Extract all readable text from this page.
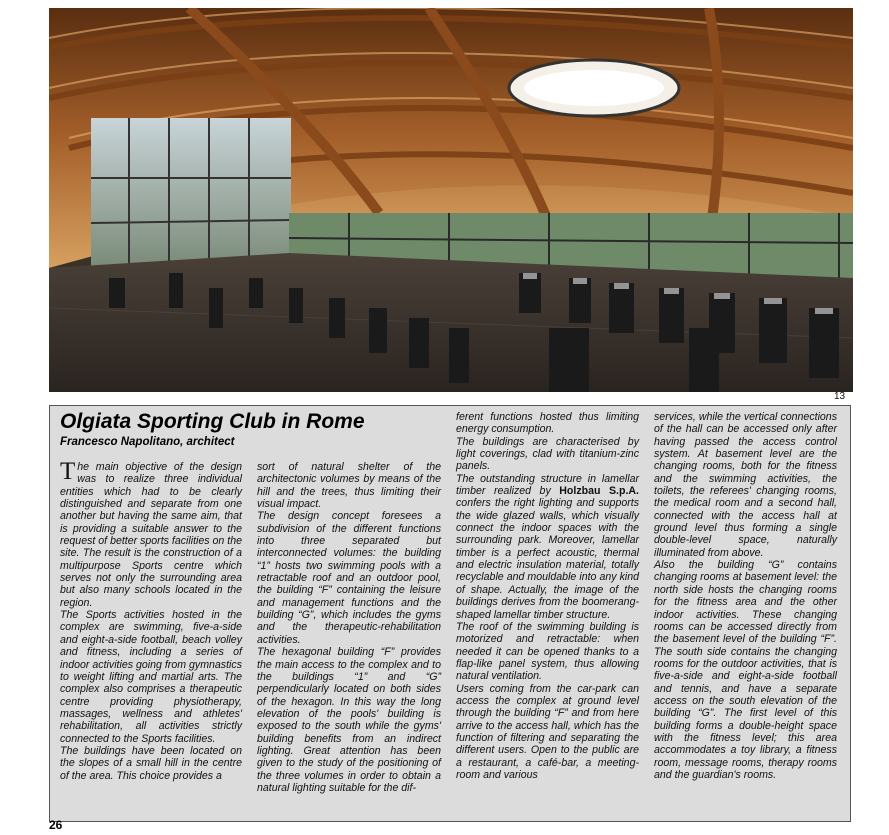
13
Olgiata Sporting Club in Rome
Francesco Napolitano, architect

The main objective of the design was to realize three individual entities which had to be clearly distinguished and separate from one another but having the same aim, that is providing a suitable answer to the request of better sports facilities on the site. The result is the construction of a multipurpose Sports centre which serves not only the surrounding area but also many schools located in the region.

The Sports activities hosted in the complex are swimming, five-a-side and eight-a-side football, beach volley and fitness, including a series of indoor activities going from gymnastics to weight lifting and martial arts. The complex also comprises a therapeutic centre providing physiotherapy, massages, wellness and athletes' rehabilitation, all activities strictly connected to the Sports facilities.

The buildings have been located on the slopes of a small hill in the centre of the area. This choice provides a

sort of natural shelter of the architectonic volumes by means of the hill and the trees, thus limiting their visual impact.

The design concept foresees a subdivision of the different functions into three separated but interconnected volumes: the building “1” hosts two swimming pools with a retractable roof and an outdoor pool, the building “F” containing the leisure and management functions and the building “G”, which includes the gyms and the therapeutic-rehabilitation activities.

The hexagonal building “F” provides the main access to the complex and to the buildings “1” and “G” perpendicularly located on both sides of the hexagon. In this way the long elevation of the pools' building is exposed to the south while the gyms' building benefits from an indirect lighting. Great attention has been given to the study of the positioning of the three volumes in order to obtain a natural lighting suitable for the dif-

ferent functions hosted thus limiting energy consumption.

The buildings are characterised by light coverings, clad with titanium-zinc panels.

The outstanding structure in lamellar timber realized by Holzbau S.p.A. confers the right lighting and supports the wide glazed walls, which visually connect the indoor spaces with the surrounding park. Moreover, lamellar timber is a perfect acoustic, thermal and electric insulation material, totally recyclable and mouldable into any kind of shape. Actually, the image of the buildings derives from the boomerang-shaped lamellar timber structure.

The roof of the swimming building is motorized and retractable: when needed it can be opened thanks to a flap-like panel system, thus allowing natural ventilation.

Users coming from the car-park can access the complex at ground level through the building “F” and from here arrive to the access hall, which has the function of filtering and separating the different users. Open to the public are a restaurant, a café-bar, a meeting-room and various

services, while the vertical connections of the hall can be accessed only after having passed the access control system. At basement level are the changing rooms, both for the fitness and the swimming activities, the toilets, the referees' changing rooms, the medical room and a second hall, connected with the access hall at ground level thus forming a single double-level space, naturally illuminated from above.

Also the building “G” contains changing rooms at basement level: the north side hosts the changing rooms for the fitness area and the other indoor activities. These changing rooms can be accessed directly from the basement level of the building “F”. The south side contains the changing rooms for the outdoor activities, that is five-a-side and eight-a-side football and tennis, and have a separate access on the south elevation of the building “G”. The first level of this building forms a double-height space with the fitness level; this area accommodates a toy library, a fitness room, message rooms, therapy rooms and the guardian's rooms.

26
